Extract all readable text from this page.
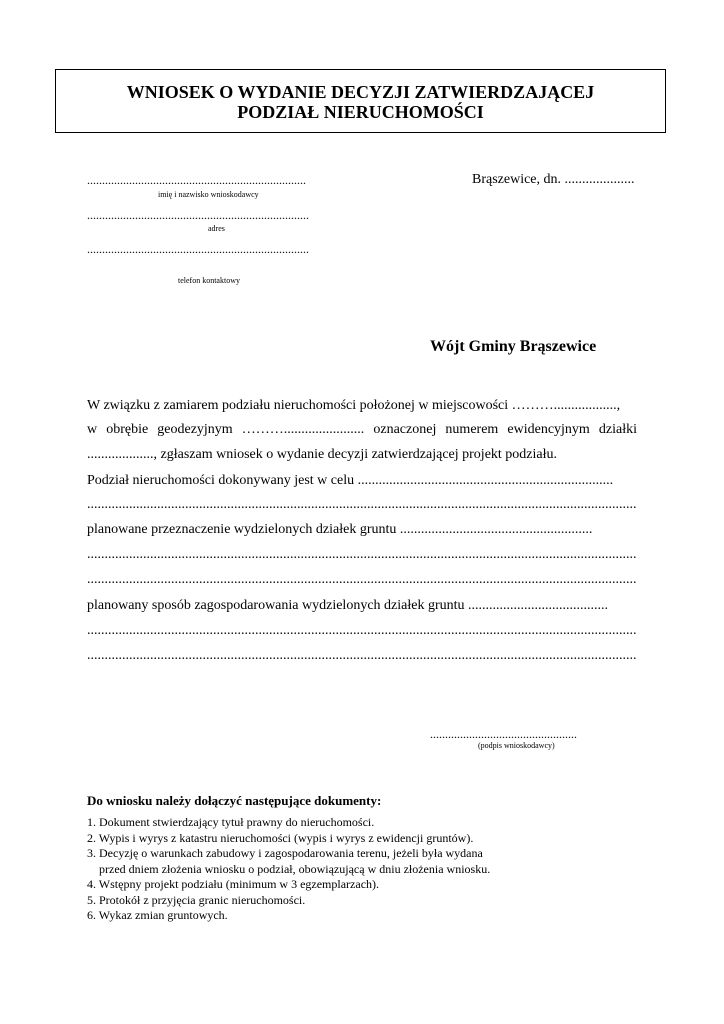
WNIOSEK O WYDANIE DECYZJI ZATWIERDZAJĄCEJ
PODZIAŁ NIERUCHOMOŚCI
.........................................................................
imię i nazwisko wnioskodawcy
..........................................................................
adres
..........................................................................
telefon kontaktowy
Brąszewice, dn. ....................
Wójt Gminy Brąszewice
W związku z zamiarem podziału nieruchomości położonej w miejscowości ………..................,
w obrębie geodezyjnym ………....................... oznaczonej numerem ewidencyjnym działki
..................., zgłaszam wniosek o wydanie decyzji zatwierdzającej projekt podziału.
Podział nieruchomości dokonywany jest w celu .........................................................................
.............................................................................................................................................................
planowane przeznaczenie wydzielonych działek gruntu .......................................................
.............................................................................................................................................................
.............................................................................................................................................................
planowany sposób zagospodarowania wydzielonych działek gruntu ........................................
.............................................................................................................................................................
.............................................................................................................................................................
.................................................
(podpis wnioskodawcy)
Do wniosku należy dołączyć następujące dokumenty:
1. Dokument stwierdzający tytuł prawny do nieruchomości.
2. Wypis i wyrys z katastru nieruchomości (wypis i wyrys z ewidencji gruntów).
3. Decyzję o warunkach zabudowy i zagospodarowania terenu, jeżeli była wydana
przed dniem złożenia wniosku o podział, obowiązującą w dniu złożenia wniosku.
4. Wstępny projekt podziału (minimum w 3 egzemplarzach).
5. Protokół z przyjęcia granic nieruchomości.
6. Wykaz zmian gruntowych.
